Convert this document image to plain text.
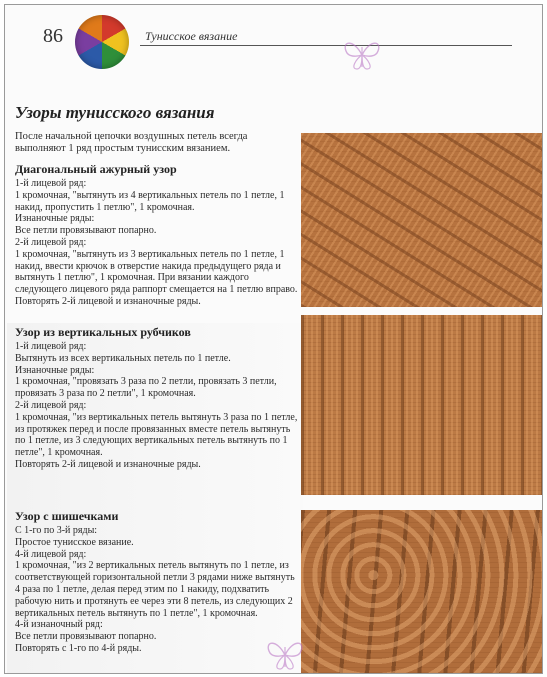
86	Тунисское вязание
Узоры тунисского вязания

После начальной цепочки воздушных петель всегда выполняют 1 ряд простым тунисским вязанием.

Диагональный ажурный узор
1-й лицевой ряд:
1 кромочная, "вытянуть из 4 вертикальных петель по 1 петле, 1 накид, пропустить 1 петлю", 1 кромочная.
Изнаночные ряды:
Все петли провязывают попарно.
2-й лицевой ряд:
1 кромочная, "вытянуть из 3 вертикальных петель по 1 петле, 1 накид, ввести крючок в отверстие накида предыдущего ряда и вытянуть 1 петлю", 1 кромочная. При вязании каждого следующего лицевого ряда раппорт смещается на 1 петлю вправо.
Повторять 2-й лицевой и изнаночные ряды.
Узор из вертикальных рубчиков
1-й лицевой ряд:
Вытянуть из всех вертикальных петель по 1 петле.
Изнаночные ряды:
1 кромочная, "провязать 3 раза по 2 петли, провязать 3 петли, провязать 3 раза по 2 петли", 1 кромочная.
2-й лицевой ряд:
1 кромочная, "из вертикальных петель вытянуть 3 раза по 1 петле, из протяжек перед и после провязанных вместе петель вытянуть по 1 петле, из 3 следующих вертикальных петель вытянуть по 1 петле", 1 кромочная.
Повторять 2-й лицевой и изнаночные ряды.
Узор с шишечками
С 1-го по 3-й ряды:
Простое тунисское вязание.
4-й лицевой ряд:
1 кромочная, "из 2 вертикальных петель вытянуть по 1 петле, из соответствующей горизонтальной петли 3 рядами ниже вытянуть 4 раза по 1 петле, делая перед этим по 1 накиду, подхватить рабочую нить и протянуть ее через эти 8 петель, из следующих 2 вертикальных петель вытянуть по 1 петле", 1 кромочная.
4-й изнаночный ряд:
Все петли провязывают попарно.
Повторять с 1-го по 4-й ряды.
